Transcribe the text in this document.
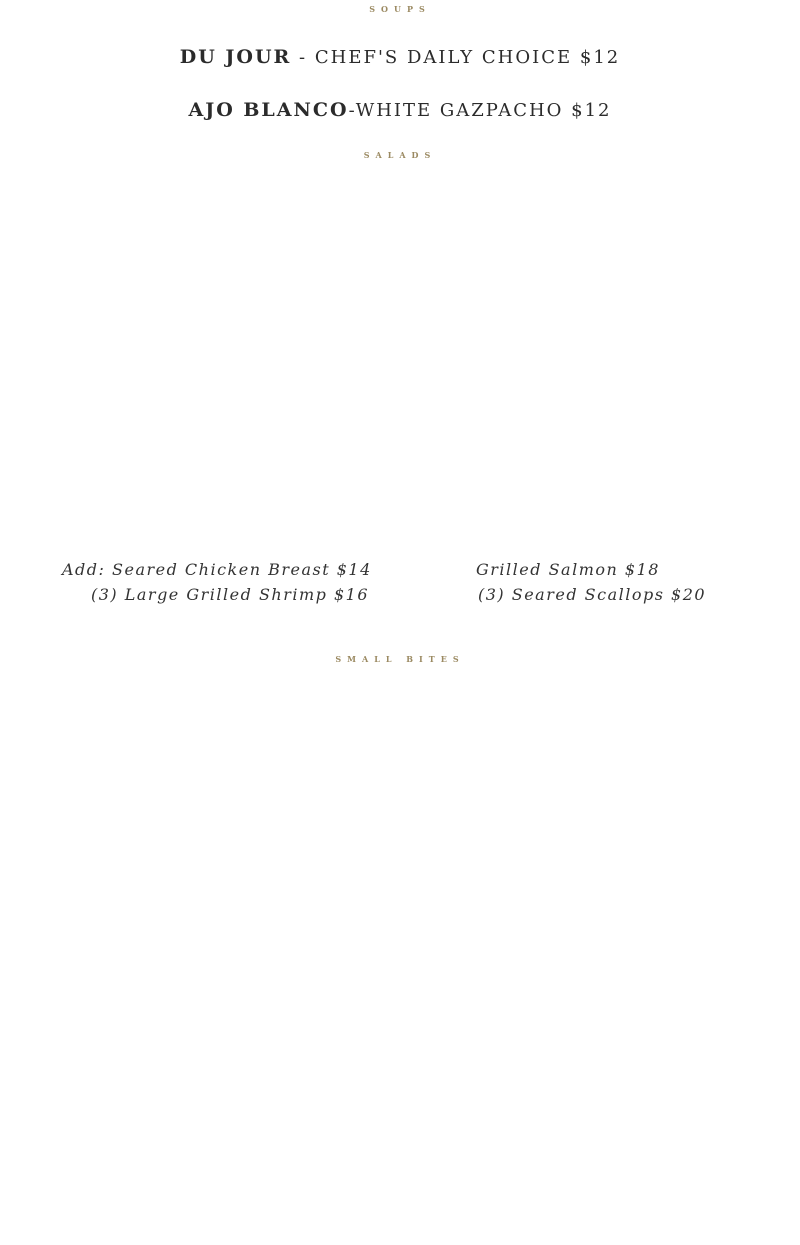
SOUPS
DU JOUR - CHEF'S DAILY CHOICE $12
AJO BLANCO-WHITE GAZPACHO $12
SALADS
Add: Seared Chicken Breast $14
(3) Large Grilled Shrimp $16
Grilled Salmon $18
(3) Seared Scallops $20
SMALL BITES
